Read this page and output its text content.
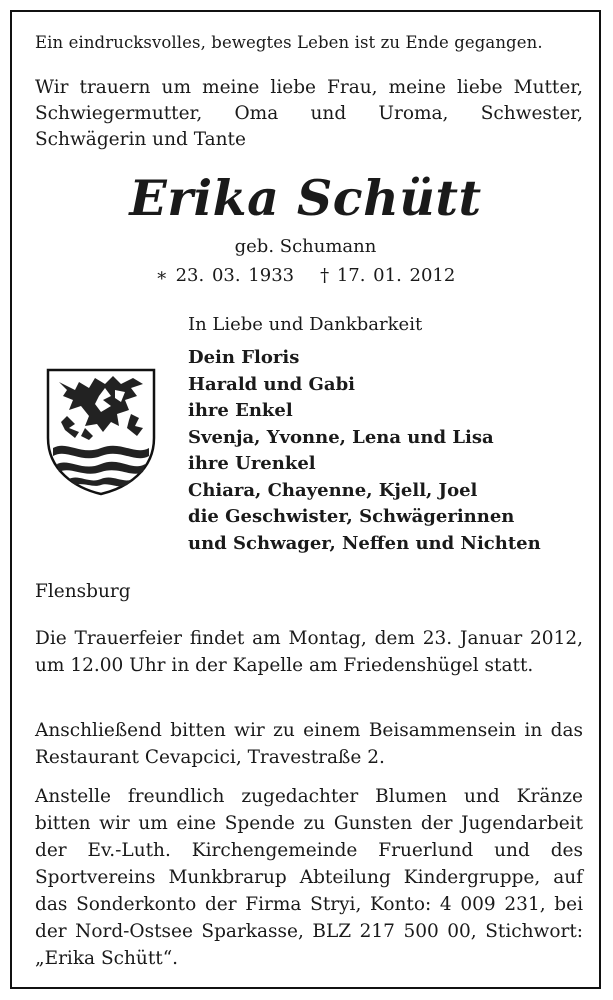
Ein eindrucksvolles, bewegtes Leben ist zu Ende gegangen.

Wir trauern um meine liebe Frau, meine liebe Mutter, Schwiegermutter, Oma und Uroma, Schwester, Schwägerin und Tante

Erika Schütt
geb. Schumann
∗ 23. 03. 1933 † 17. 01. 2012
In Liebe und Dankbarkeit
Dein Floris
Harald und Gabi
ihre Enkel
Svenja, Yvonne, Lena und Lisa
ihre Urenkel
Chiara, Chayenne, Kjell, Joel
die Geschwister, Schwägerinnen
und Schwager, Neffen und Nichten

Flensburg

Die Trauerfeier findet am Montag, dem 23. Januar 2012, um 12.00 Uhr in der Kapelle am Friedenshügel statt.

Anschließend bitten wir zu einem Beisammensein in das Restaurant Cevapcici, Travestraße 2.

Anstelle freundlich zugedachter Blumen und Kränze bitten wir um eine Spende zu Gunsten der Jugendarbeit der Ev.-Luth. Kirchengemeinde Fruerlund und des Sportvereins Munkbrarup Abteilung Kindergruppe, auf das Sonderkonto der Firma Stryi, Konto: 4 009 231, bei der Nord-Ostsee Sparkasse, BLZ 217 500 00, Stichwort: „Erika Schütt“.
